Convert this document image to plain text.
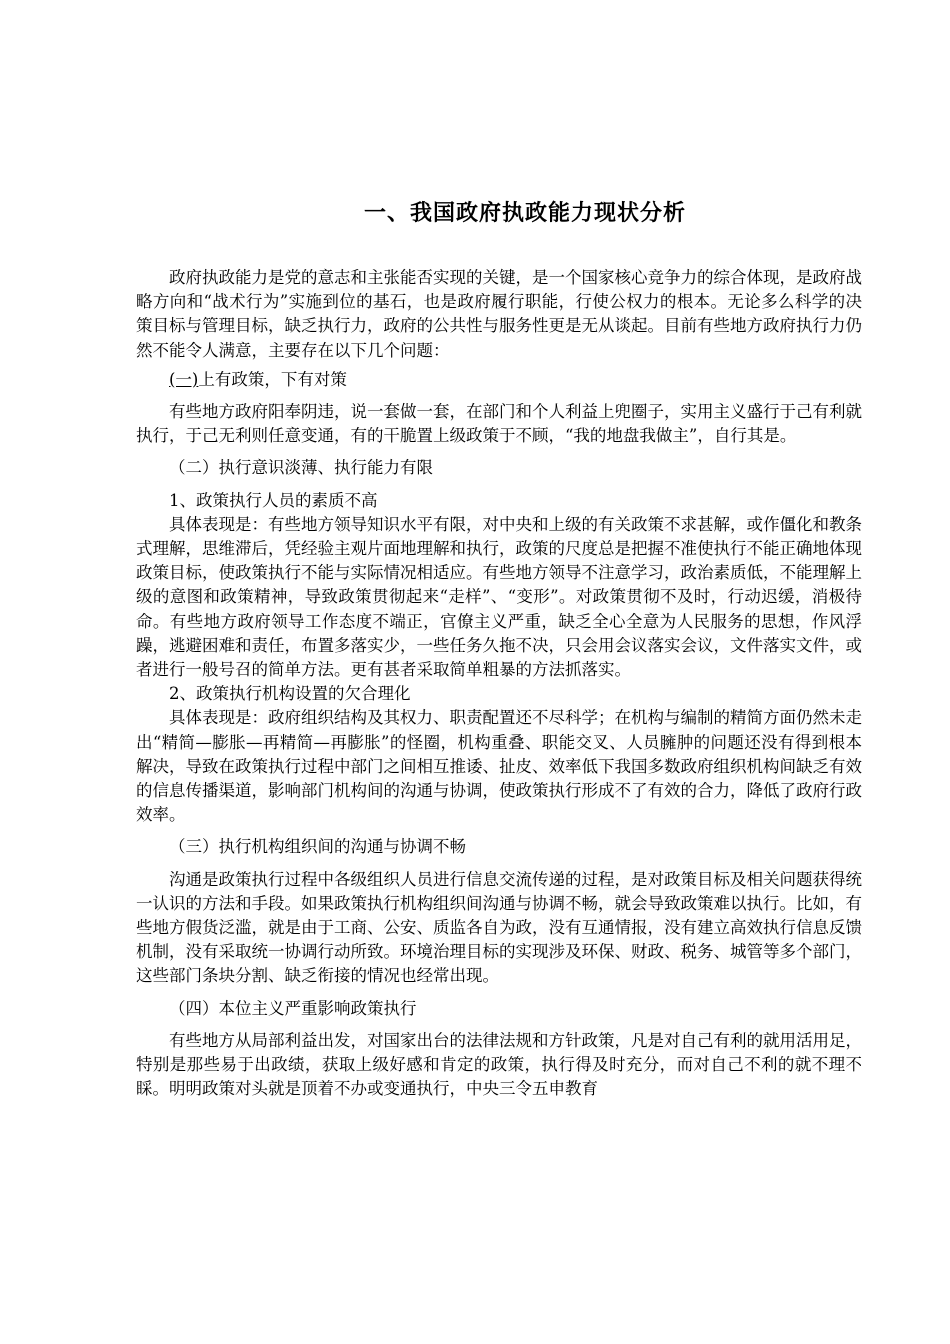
一、我国政府执政能力现状分析

政府执政能力是党的意志和主张能否实现的关键，是一个国家核心竞争力的综合体现，是政府战略方向和“战术行为”实施到位的基石，也是政府履行职能，行使公权力的根本。无论多么科学的决策目标与管理目标，缺乏执行力，政府的公共性与服务性更是无从谈起。目前有些地方政府执行力仍然不能令人满意，主要存在以下几个问题：

(一)上有政策，下有对策

有些地方政府阳奉阴违，说一套做一套，在部门和个人利益上兜圈子，实用主义盛行于己有利就执行，于己无利则任意变通，有的干脆置上级政策于不顾，“我的地盘我做主”，自行其是。

（二）执行意识淡薄、执行能力有限

1、政策执行人员的素质不高

具体表现是：有些地方领导知识水平有限，对中央和上级的有关政策不求甚解，或作僵化和教条式理解，思维滞后，凭经验主观片面地理解和执行，政策的尺度总是把握不准使执行不能正确地体现政策目标，使政策执行不能与实际情况相适应。有些地方领导不注意学习，政治素质低，不能理解上级的意图和政策精神，导致政策贯彻起来“走样”、“变形”。对政策贯彻不及时，行动迟缓，消极待命。有些地方政府领导工作态度不端正，官僚主义严重，缺乏全心全意为人民服务的思想，作风浮躁，逃避困难和责任，布置多落实少，一些任务久拖不决，只会用会议落实会议，文件落实文件，或者进行一般号召的简单方法。更有甚者采取简单粗暴的方法抓落实。

2、政策执行机构设置的欠合理化

具体表现是：政府组织结构及其权力、职责配置还不尽科学；在机构与编制的精简方面仍然未走出“精简—膨胀—再精简—再膨胀”的怪圈，机构重叠、职能交叉、人员臃肿的问题还没有得到根本解决，导致在政策执行过程中部门之间相互推诿、扯皮、效率低下我国多数政府组织机构间缺乏有效的信息传播渠道，影响部门机构间的沟通与协调，使政策执行形成不了有效的合力，降低了政府行政效率。

（三）执行机构组织间的沟通与协调不畅

沟通是政策执行过程中各级组织人员进行信息交流传递的过程，是对政策目标及相关问题获得统一认识的方法和手段。如果政策执行机构组织间沟通与协调不畅，就会导致政策难以执行。比如，有些地方假货泛滥，就是由于工商、公安、质监各自为政，没有互通情报，没有建立高效执行信息反馈机制，没有采取统一协调行动所致。环境治理目标的实现涉及环保、财政、税务、城管等多个部门，这些部门条块分割、缺乏衔接的情况也经常出现。

（四）本位主义严重影响政策执行

有些地方从局部利益出发，对国家出台的法律法规和方针政策，凡是对自己有利的就用活用足，特别是那些易于出政绩，获取上级好感和肯定的政策，执行得及时充分，而对自己不利的就不理不睬。明明政策对头就是顶着不办或变通执行，中央三令五申教育
